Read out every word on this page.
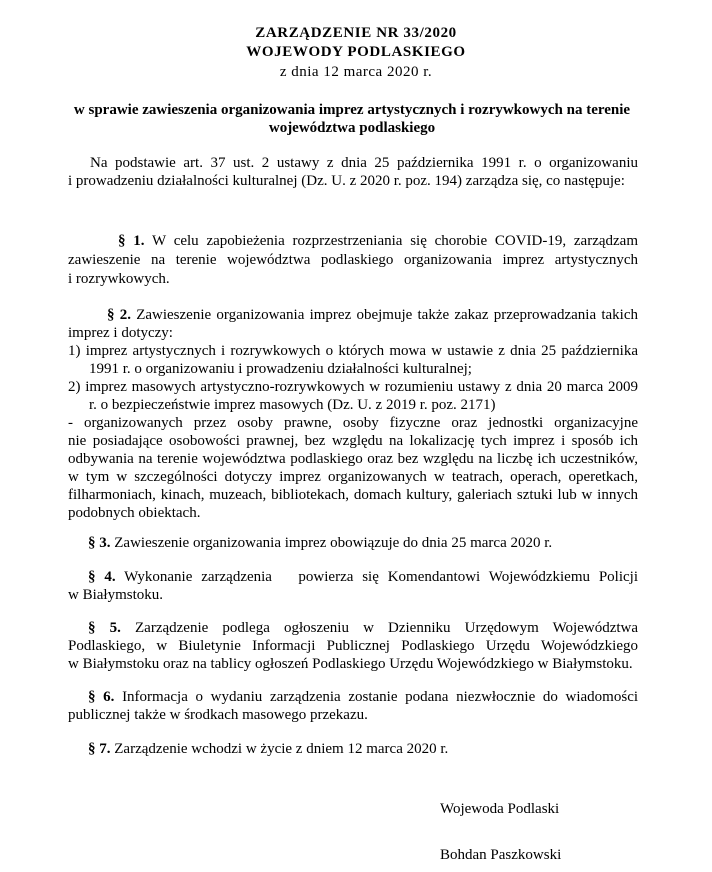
ZARZĄDZENIE NR 33/2020
WOJEWODY PODLASKIEGO
z dnia 12 marca 2020 r.
w sprawie zawieszenia organizowania imprez artystycznych i rozrywkowych na terenie
województwa podlaskiego
Na podstawie art. 37 ust. 2 ustawy z dnia 25 października 1991 r. o organizowaniu
i prowadzeniu działalności kulturalnej (Dz. U. z 2020 r. poz. 194) zarządza się, co następuje:
§ 1. W celu zapobieżenia rozprzestrzeniania się chorobie COVID-19, zarządzam
zawieszenie na terenie województwa podlaskiego organizowania imprez artystycznych
i rozrywkowych.
§ 2. Zawieszenie organizowania imprez obejmuje także zakaz przeprowadzania takich
imprez i dotyczy:
1) imprez artystycznych i rozrywkowych o których mowa w ustawie z dnia 25 października
1991 r. o organizowaniu i prowadzeniu działalności kulturalnej;
2) imprez masowych artystyczno-rozrywkowych w rozumieniu ustawy z dnia 20 marca 2009
r. o bezpieczeństwie imprez masowych (Dz. U. z 2019 r. poz. 2171)
- organizowanych przez osoby prawne, osoby fizyczne oraz jednostki organizacyjne
nie posiadające osobowości prawnej, bez względu na lokalizację tych imprez i sposób ich
odbywania na terenie województwa podlaskiego oraz bez względu na liczbę ich uczestników,
w tym w szczególności dotyczy imprez organizowanych w teatrach, operach, operetkach,
filharmoniach, kinach, muzeach, bibliotekach, domach kultury, galeriach sztuki lub w innych
podobnych obiektach.
§ 3. Zawieszenie organizowania imprez obowiązuje do dnia 25 marca 2020 r.
§ 4. Wykonanie zarządzenia   powierza się Komendantowi Wojewódzkiemu Policji
w Białymstoku.
§ 5. Zarządzenie podlega ogłoszeniu w Dzienniku Urzędowym Województwa
Podlaskiego, w Biuletynie Informacji Publicznej Podlaskiego Urzędu Wojewódzkiego
w Białymstoku oraz na tablicy ogłoszeń Podlaskiego Urzędu Wojewódzkiego w Białymstoku.
§ 6. Informacja o wydaniu zarządzenia zostanie podana niezwłocznie do wiadomości
publicznej także w środkach masowego przekazu.
§ 7. Zarządzenie wchodzi w życie z dniem 12 marca 2020 r.
Wojewoda Podlaski
Bohdan Paszkowski
